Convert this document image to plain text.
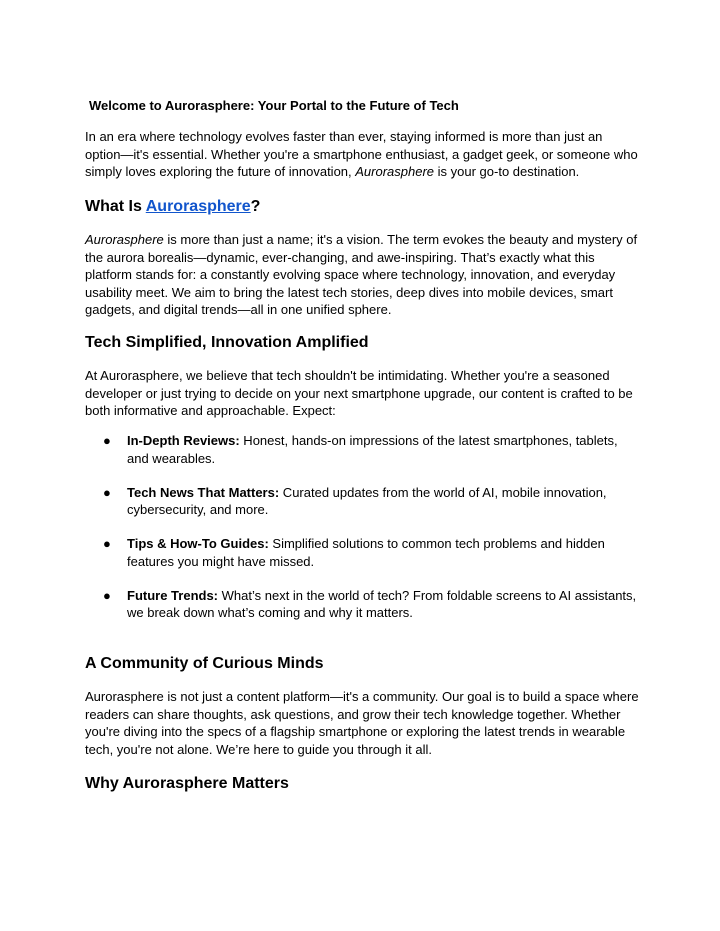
Welcome to Aurorasphere: Your Portal to the Future of Tech

In an era where technology evolves faster than ever, staying informed is more than just an option—it's essential. Whether you're a smartphone enthusiast, a gadget geek, or someone who simply loves exploring the future of innovation, Aurorasphere is your go-to destination.

What Is Aurorasphere?

Aurorasphere is more than just a name; it's a vision. The term evokes the beauty and mystery of the aurora borealis—dynamic, ever-changing, and awe-inspiring. That’s exactly what this platform stands for: a constantly evolving space where technology, innovation, and everyday usability meet. We aim to bring the latest tech stories, deep dives into mobile devices, smart gadgets, and digital trends—all in one unified sphere.

Tech Simplified, Innovation Amplified

At Aurorasphere, we believe that tech shouldn't be intimidating. Whether you're a seasoned developer or just trying to decide on your next smartphone upgrade, our content is crafted to be both informative and approachable. Expect:

● In-Depth Reviews: Honest, hands-on impressions of the latest smartphones, tablets, and wearables.
● Tech News That Matters: Curated updates from the world of AI, mobile innovation, cybersecurity, and more.
● Tips & How-To Guides: Simplified solutions to common tech problems and hidden features you might have missed.
● Future Trends: What’s next in the world of tech? From foldable screens to AI assistants, we break down what’s coming and why it matters.
A Community of Curious Minds

Aurorasphere is not just a content platform—it's a community. Our goal is to build a space where readers can share thoughts, ask questions, and grow their tech knowledge together. Whether you're diving into the specs of a flagship smartphone or exploring the latest trends in wearable tech, you're not alone. We’re here to guide you through it all.

Why Aurorasphere Matters
